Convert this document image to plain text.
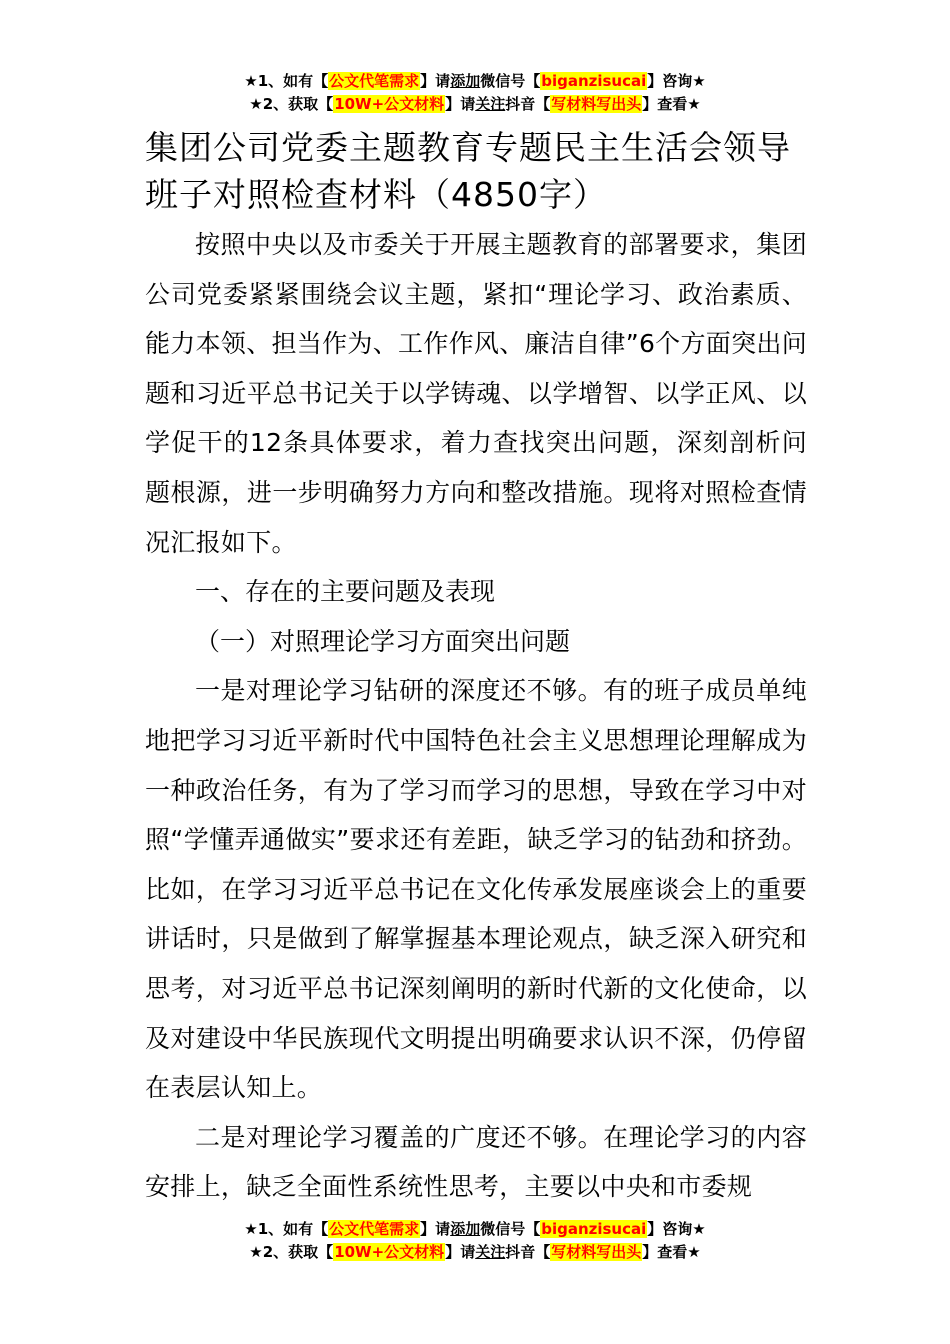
★1、如有【公文代笔需求】请添加微信号【biganzisucai】咨询★
★2、获取【10W+公文材料】请关注抖音【写材料写出头】查看★
集团公司党委主题教育专题民主生活会领导班子对照检查材料（4850字）

按照中央以及市委关于开展主题教育的部署要求，集团公司党委紧紧围绕会议主题，紧扣“理论学习、政治素质、能力本领、担当作为、工作作风、廉洁自律”6个方面突出问题和习近平总书记关于以学铸魂、以学增智、以学正风、以学促干的12条具体要求，着力查找突出问题，深刻剖析问题根源，进一步明确努力方向和整改措施。现将对照检查情况汇报如下。

一、存在的主要问题及表现

（一）对照理论学习方面突出问题

一是对理论学习钻研的深度还不够。有的班子成员单纯地把学习习近平新时代中国特色社会主义思想理论理解成为一种政治任务，有为了学习而学习的思想，导致在学习中对照“学懂弄通做实”要求还有差距，缺乏学习的钻劲和挤劲。比如，在学习习近平总书记在文化传承发展座谈会上的重要讲话时，只是做到了解掌握基本理论观点，缺乏深入研究和思考，对习近平总书记深刻阐明的新时代新的文化使命，以及对建设中华民族现代文明提出明确要求认识不深，仍停留在表层认知上。

二是对理论学习覆盖的广度还不够。在理论学习的内容安排上，缺乏全面性系统性思考，主要以中央和市委规

★1、如有【公文代笔需求】请添加微信号【biganzisucai】咨询★
★2、获取【10W+公文材料】请关注抖音【写材料写出头】查看★
